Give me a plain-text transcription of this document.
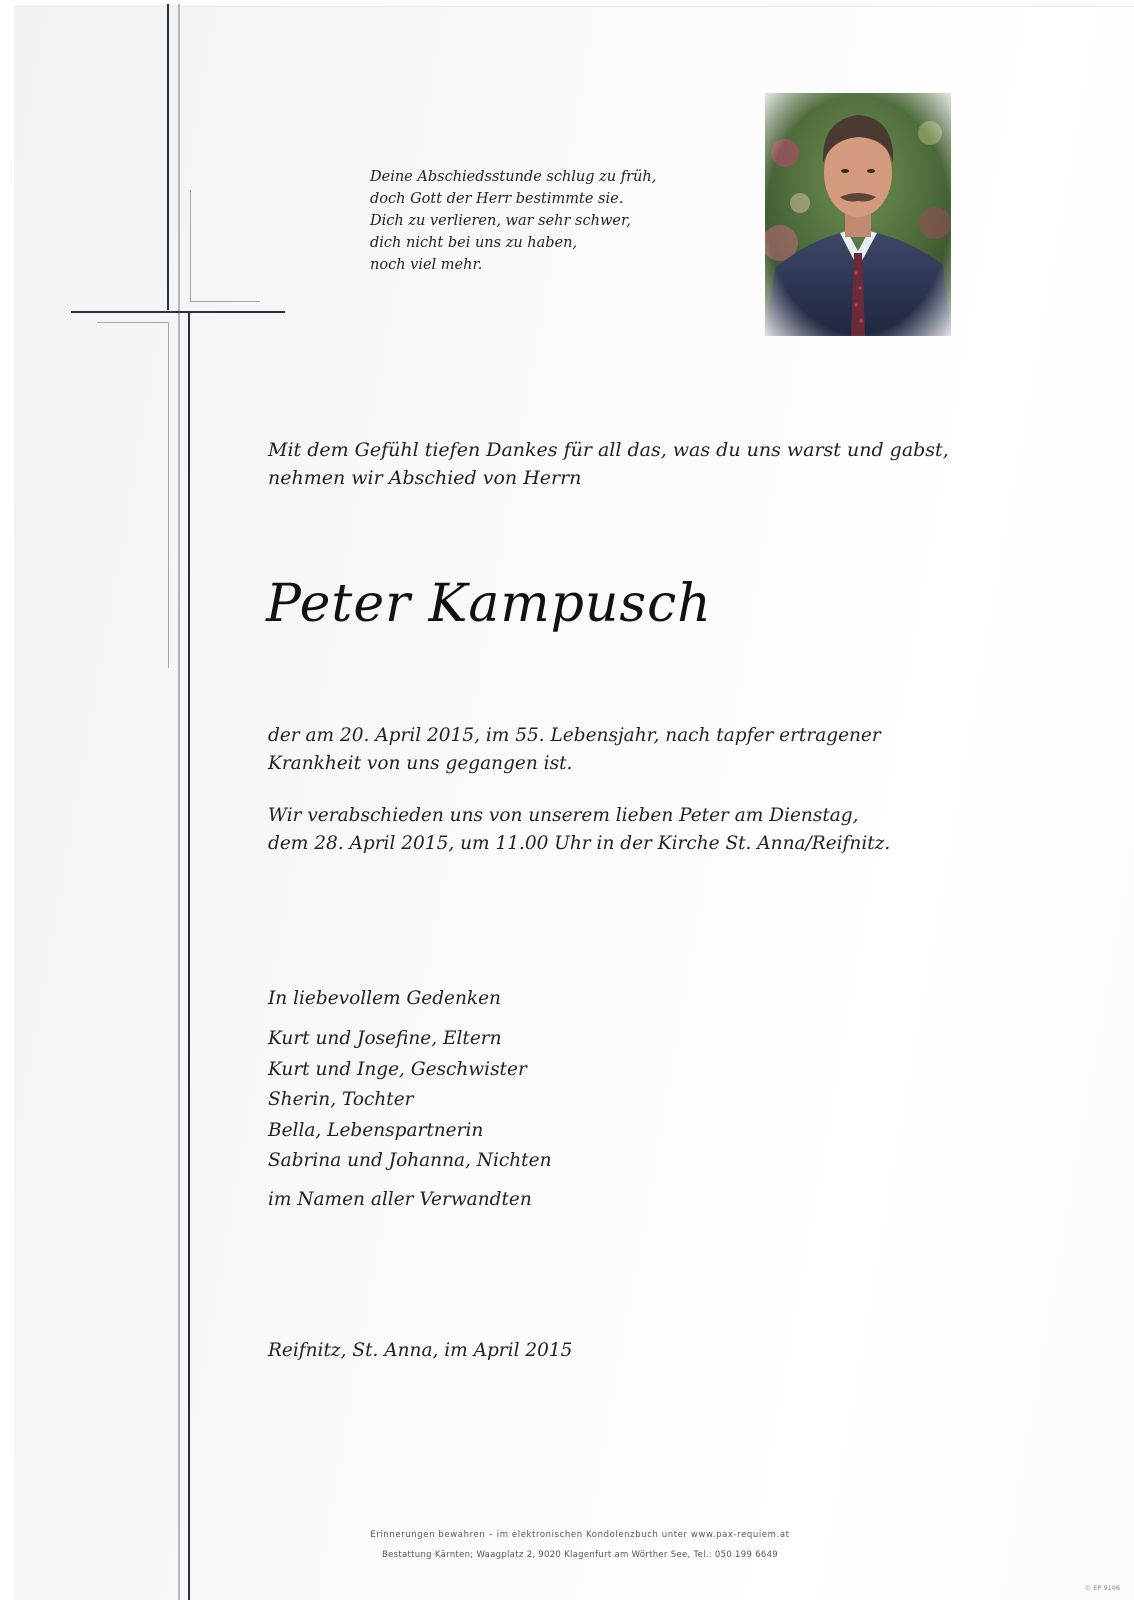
Deine Abschiedsstunde schlug zu früh,
doch Gott der Herr bestimmte sie.
Dich zu verlieren, war sehr schwer,
dich nicht bei uns zu haben,
noch viel mehr.
Mit dem Gefühl tiefen Dankes für all das, was du uns warst und gabst,
nehmen wir Abschied von Herrn
Peter Kampusch
der am 20. April 2015, im 55. Lebensjahr, nach tapfer ertragener
Krankheit von uns gegangen ist.
Wir verabschieden uns von unserem lieben Peter am Dienstag,
dem 28. April 2015, um 11.00 Uhr in der Kirche St. Anna/Reifnitz.
In liebevollem Gedenken
Kurt und Josefine, Eltern
Kurt und Inge, Geschwister
Sherin, Tochter
Bella, Lebenspartnerin
Sabrina und Johanna, Nichten
im Namen aller Verwandten
Reifnitz, St. Anna, im April 2015
Erinnerungen bewahren – im elektronischen Kondolenzbuch unter www.pax-requiem.at
Bestattung Kärnten; Waagplatz 2, 9020 Klagenfurt am Wörther See, Tel.: 050 199 6649
© EP 9106
